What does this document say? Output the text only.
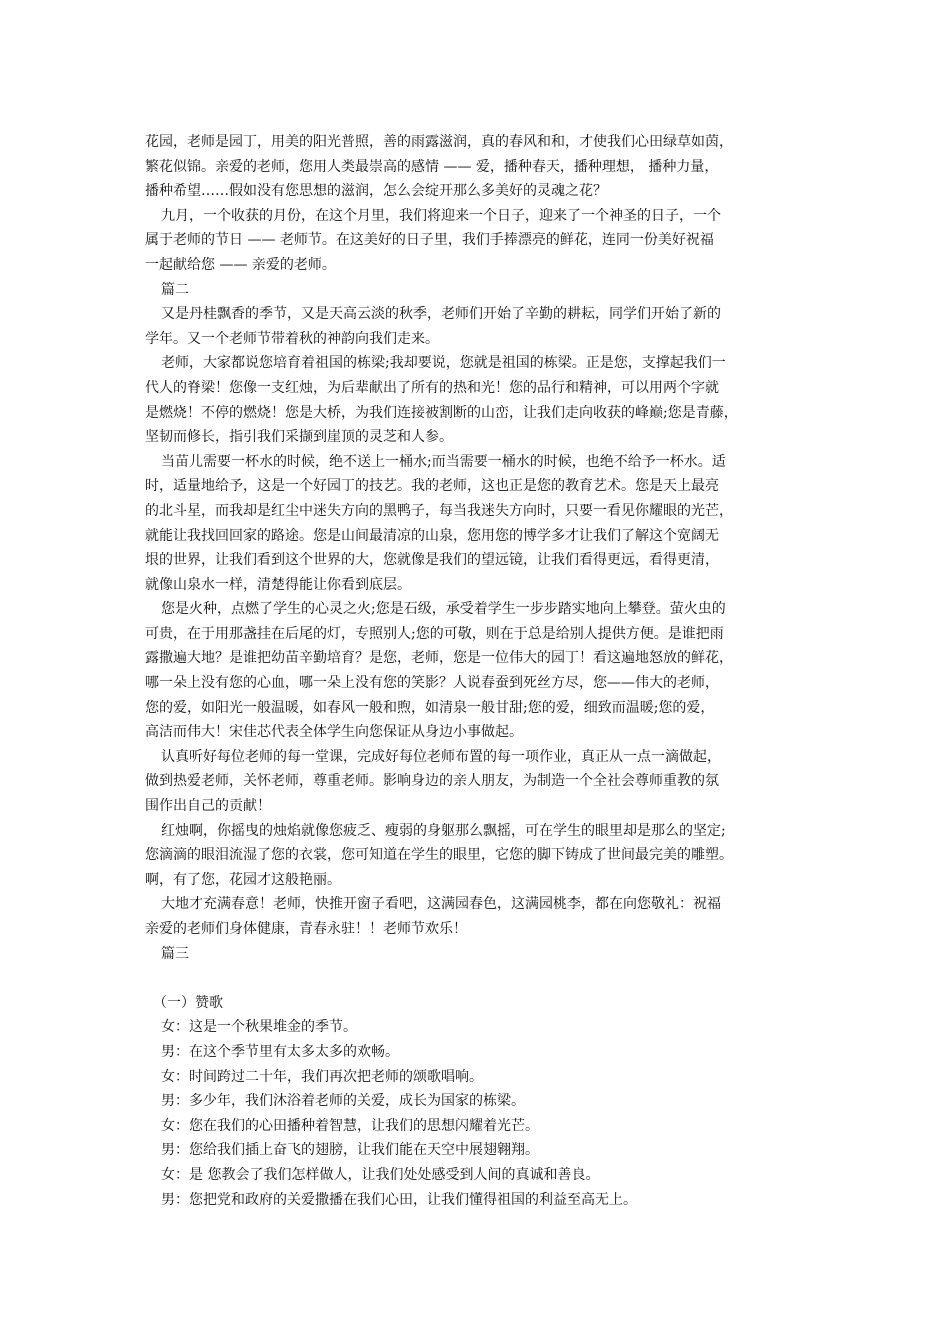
花园，老师是园丁，用美的阳光普照，善的雨露滋润，真的春风和和，才使我们心田绿草如茵，
繁花似锦。亲爱的老师，您用人类最崇高的感情 —— 爱，播种春天，播种理想， 播种力量，
播种希望……假如没有您思想的滋润，怎么会绽开那么多美好的灵魂之花？
九月，一个收获的月份，在这个月里，我们将迎来一个日子，迎来了一个神圣的日子，一个
属于老师的节日 —— 老师节。在这美好的日子里，我们手捧漂亮的鲜花，连同一份美好祝福
一起献给您 —— 亲爱的老师。
篇二
又是丹桂飘香的季节，又是天高云淡的秋季，老师们开始了辛勤的耕耘，同学们开始了新的
学年。又一个老师节带着秋的神韵向我们走来。
老师，大家都说您培育着祖国的栋梁;我却要说，您就是祖国的栋梁。正是您，支撑起我们一
代人的脊梁！您像一支红烛，为后辈献出了所有的热和光！您的品行和精神，可以用两个字就
是燃烧！不停的燃烧！您是大桥，为我们连接被割断的山峦，让我们走向收获的峰巅;您是青藤，
坚韧而修长，指引我们采撷到崖顶的灵芝和人参。
当苗儿需要一杯水的时候，绝不送上一桶水;而当需要一桶水的时候，也绝不给予一杯水。适
时，适量地给予，这是一个好园丁的技艺。我的老师，这也正是您的教育艺术。您是天上最亮
的北斗星，而我却是红尘中迷失方向的黑鸭子，每当我迷失方向时，只要一看见你耀眼的光芒，
就能让我找回回家的路途。您是山间最清凉的山泉，您用您的博学多才让我们了解这个宽阔无
垠的世界，让我们看到这个世界的大，您就像是我们的望远镜，让我们看得更远，看得更清，
就像山泉水一样，清楚得能让你看到底层。
您是火种，点燃了学生的心灵之火;您是石级，承受着学生一步步踏实地向上攀登。萤火虫的
可贵，在于用那盏挂在后尾的灯，专照别人;您的可敬，则在于总是给别人提供方便。是谁把雨
露撒遍大地？是谁把幼苗辛勤培育？是您，老师，您是一位伟大的园丁！看这遍地怒放的鲜花，
哪一朵上没有您的心血，哪一朵上没有您的笑影？人说春蚕到死丝方尽，您——伟大的老师，
您的爱，如阳光一般温暖，如春风一般和煦，如清泉一般甘甜;您的爱，细致而温暖;您的爱，
高洁而伟大！宋佳芯代表全体学生向您保证从身边小事做起。
认真听好每位老师的每一堂课，完成好每位老师布置的每一项作业，真正从一点一滴做起，
做到热爱老师，关怀老师，尊重老师。影响身边的亲人朋友，为制造一个全社会尊师重教的氛
围作出自己的贡献！
红烛啊，你摇曳的烛焰就像您疲乏、瘦弱的身躯那么飘摇，可在学生的眼里却是那么的坚定;
您滴滴的眼泪流湿了您的衣裳，您可知道在学生的眼里，它您的脚下铸成了世间最完美的雕塑。
啊，有了您，花园才这般艳丽。
大地才充满春意！老师，快推开窗子看吧，这满园春色，这满园桃李，都在向您敬礼：祝福
亲爱的老师们身体健康，青春永驻！！老师节欢乐！
篇三
（一）赞歌
女：这是一个秋果堆金的季节。
男：在这个季节里有太多太多的欢畅。
女：时间跨过二十年，我们再次把老师的颂歌唱响。
男：多少年，我们沐浴着老师的关爱，成长为国家的栋梁。
女：您在我们的心田播种着智慧，让我们的思想闪耀着光芒。
男：您给我们插上奋飞的翅膀，让我们能在天空中展翅翱翔。
女：是 您教会了我们怎样做人，让我们处处感受到人间的真诚和善良。
男：您把党和政府的关爱撒播在我们心田，让我们懂得祖国的利益至高无上。
